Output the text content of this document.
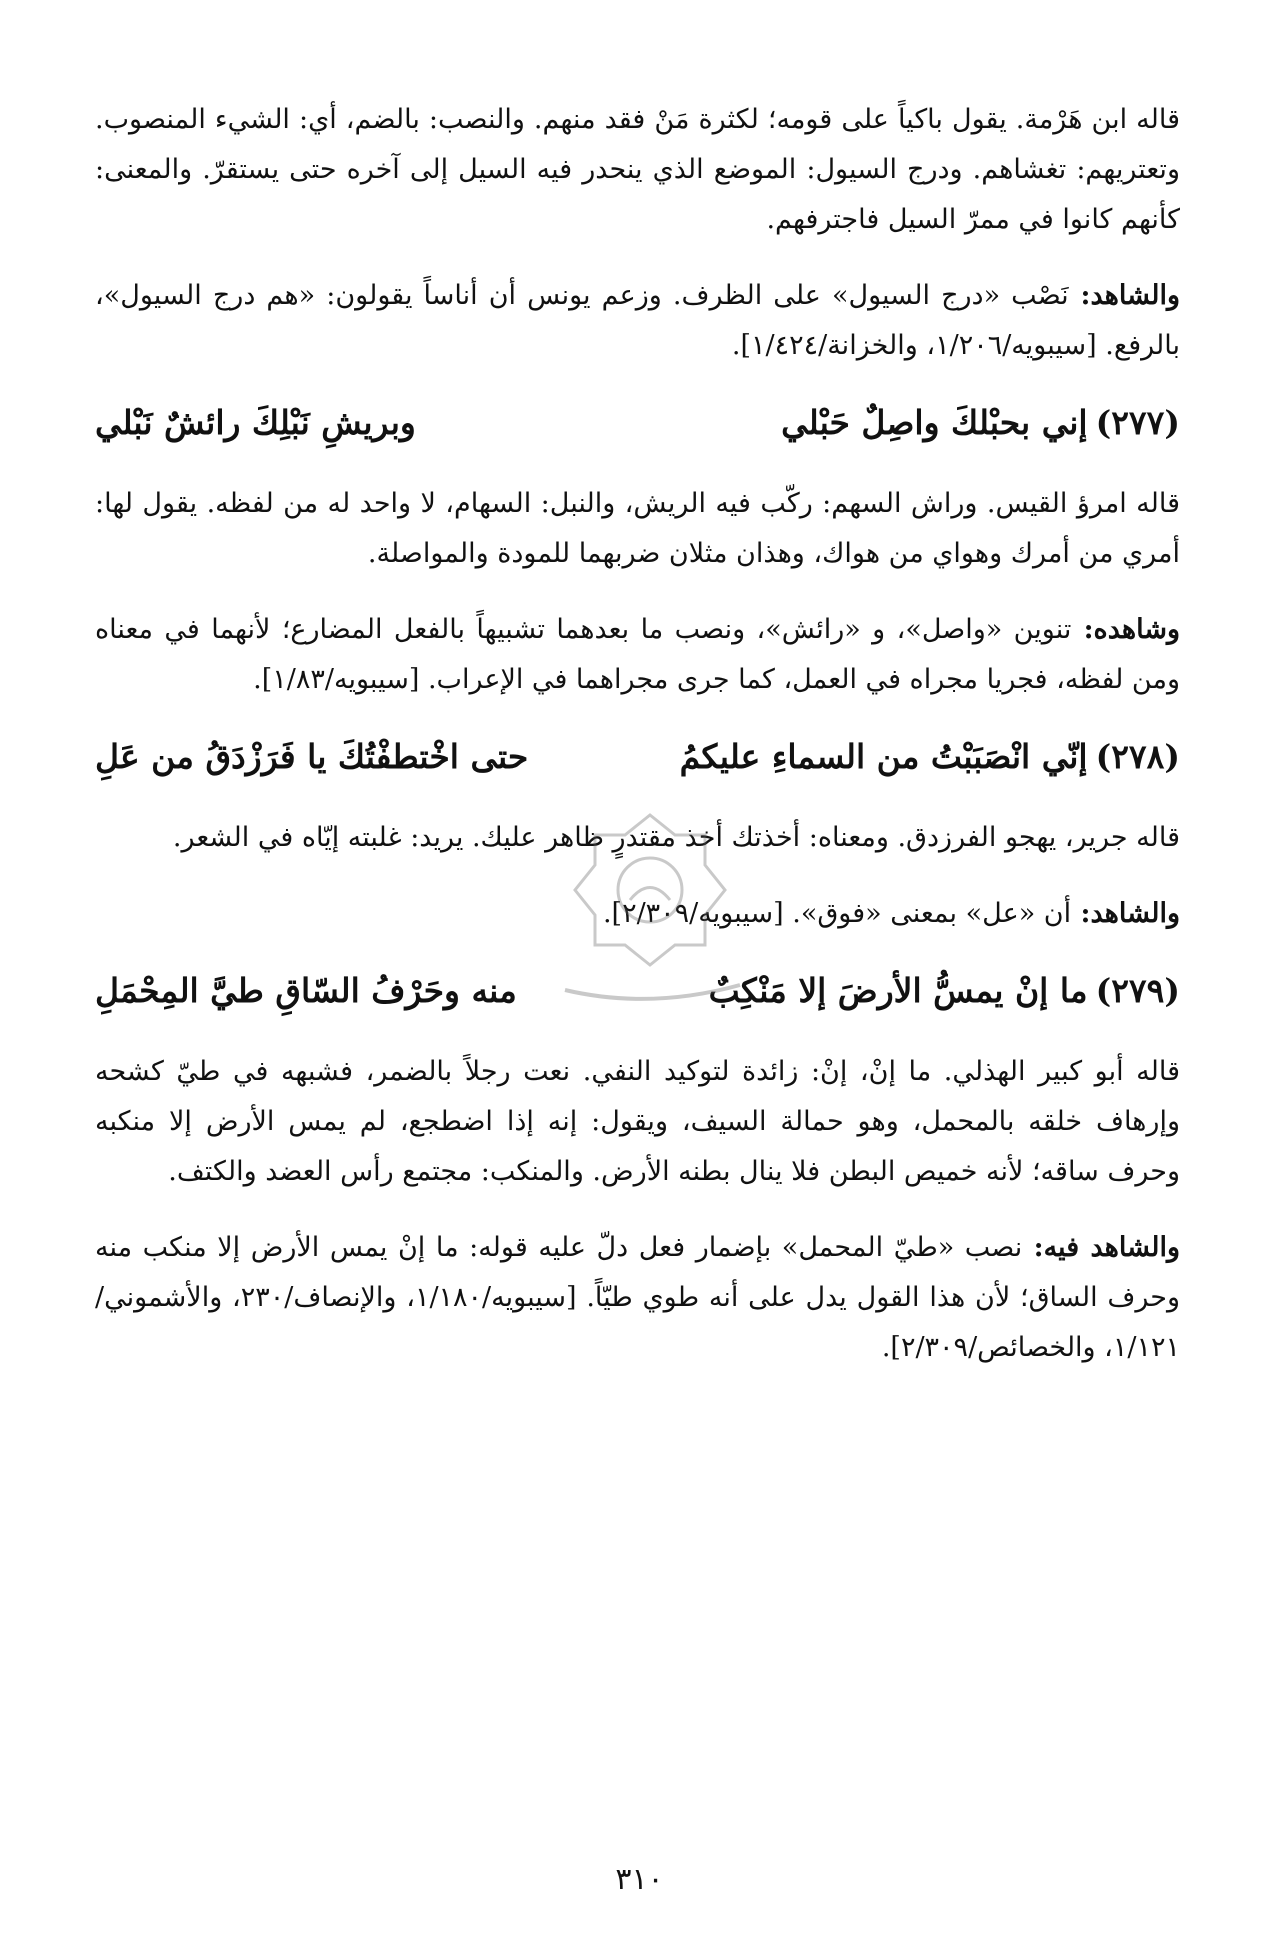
قاله ابن هَرْمة. يقول باكياً على قومه؛ لكثرة مَنْ فقد منهم. والنصب: بالضم، أي: الشيء المنصوب. وتعتريهم: تغشاهم. ودرج السيول: الموضع الذي ينحدر فيه السيل إلى آخره حتى يستقرّ. والمعنى: كأنهم كانوا في ممرّ السيل فاجترفهم.

والشاهد: نَصْب «درج السيول» على الظرف. وزعم يونس أن أناساً يقولون: «هم درج السيول»، بالرفع. [سيبويه/١/٢٠٦، والخزانة/١/٤٢٤].

(٢٧٧)إني بحبْلكَ واصِلٌ حَبْلي
وبريشِ نَبْلِكَ رائشٌ نَبْلي

قاله امرؤ القيس. وراش السهم: ركّب فيه الريش، والنبل: السهام، لا واحد له من لفظه. يقول لها: أمري من أمرك وهواي من هواك، وهذان مثلان ضربهما للمودة والمواصلة.

وشاهده: تنوين «واصل»، و «رائش»، ونصب ما بعدهما تشبيهاً بالفعل المضارع؛ لأنهما في معناه ومن لفظه، فجريا مجراه في العمل، كما جرى مجراهما في الإعراب. [سيبويه/١/٨٣].

(٢٧٨)إنّي انْصَبَبْتُ من السماءِ عليكمُ
حتى اخْتطفْتُكَ يا فَرَزْدَقُ من عَلِ

قاله جرير، يهجو الفرزدق. ومعناه: أخذتك أخذ مقتدرٍ ظاهر عليك. يريد: غلبته إيّاه في الشعر.

والشاهد: أن «عل» بمعنى «فوق». [سيبويه/٢/٣٠٩].

(٢٧٩)ما إنْ يمسُّ الأرضَ إلا مَنْكِبٌ
منه وحَرْفُ السّاقِ طيَّ المِحْمَلِ

قاله أبو كبير الهذلي. ما إنْ، إنْ: زائدة لتوكيد النفي. نعت رجلاً بالضمر، فشبهه في طيّ كشحه وإرهاف خلقه بالمحمل، وهو حمالة السيف، ويقول: إنه إذا اضطجع، لم يمس الأرض إلا منكبه وحرف ساقه؛ لأنه خميص البطن فلا ينال بطنه الأرض. والمنكب: مجتمع رأس العضد والكتف.

والشاهد فيه: نصب «طيّ المحمل» بإضمار فعل دلّ عليه قوله: ما إنْ يمس الأرض إلا منكب منه وحرف الساق؛ لأن هذا القول يدل على أنه طوي طيّاً. [سيبويه/١/١٨٠، والإنصاف/٢٣٠، والأشموني/١/١٢١، والخصائص/٢/٣٠٩].

٣١٠
